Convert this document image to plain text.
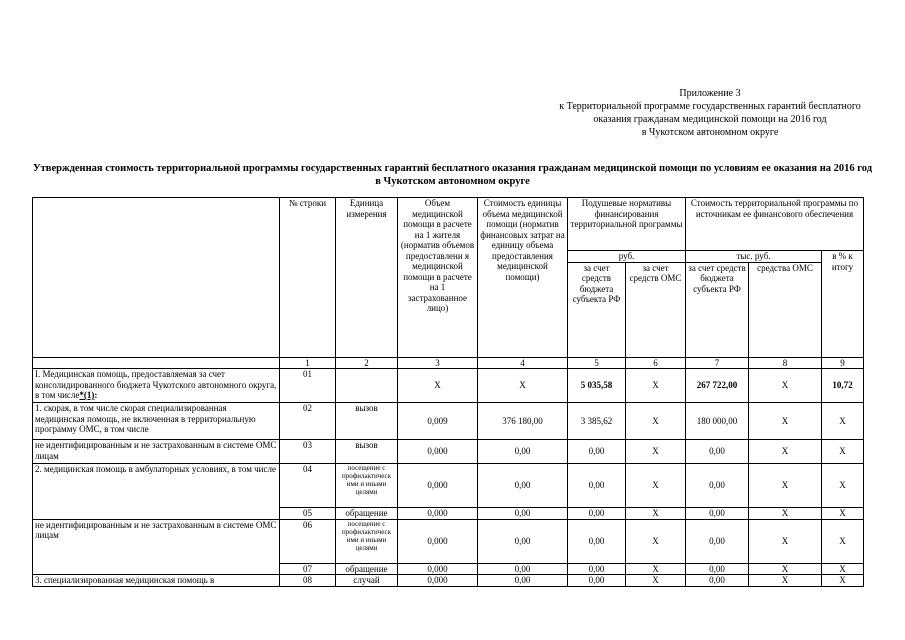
Приложение 3
к Территориальной программе государственных гарантий бесплатного
оказания гражданам медицинской помощи на 2016 год
в Чукотском автономном округе
Утвержденная стоимость территориальной программы государственных гарантий бесплатного оказания гражданам медицинской помощи по условиям ее оказания на 2016 год в Чукотском автономном округе
	№ строки	Единица измерения	Объем медицинской помощи в расчете на 1 жителя (норматив объемов предоставлени я медицинской помощи в расчете на 1 застрахованное лицо)	Стоимость единицы объема медицинской помощи (норматив финансовых затрат на единицу объема предоставления медицинской помощи)	Подушевые нормативы финансирования территориальной программы		Стоимость территориальной программы по источникам ее финансового обеспечения		
					руб.		тыс. руб.		в % к итогу
					за счет средств бюджета субъекта РФ	за счет средств ОМС	за счет средств бюджета субъекта РФ	средства ОМС	
	1	2	3	4	5	6	7	8	9
I. Медицинская помощь, предоставляемая за счет консолидированного бюджета Чукотского автономного округа, в том числе*(1):	01		X	X	5 035,58	X	267 722,00	X	10,72
1. скорая, в том числе скорая специализированная медицинская помощь, не включенная в территориальную программу ОМС, в том числе	02	вызов	0,009	376 180,00	3 385,62	X	180 000,00	X	X
не идентифицированным и не застрахованным в системе ОМС лицам	03	вызов	0,000	0,00	0,00	X	0,00	X	X
2. медицинская помощь в амбулаторных условиях, в том числе	04	посещение с профилактическ ими и иными целями	0,000	0,00	0,00	X	0,00	X	X
	05	обращение	0,000	0,00	0,00	X	0,00	X	X
не идентифицированным и не застрахованным в системе ОМС лицам	06	посещение с профилактическ ими и иными целями	0,000	0,00	0,00	X	0,00	X	X
	07	обращение	0,000	0,00	0,00	X	0,00	X	X
3. специализированная медицинская помощь в	08	случай	0,000	0,00	0,00	X	0,00	X	X
